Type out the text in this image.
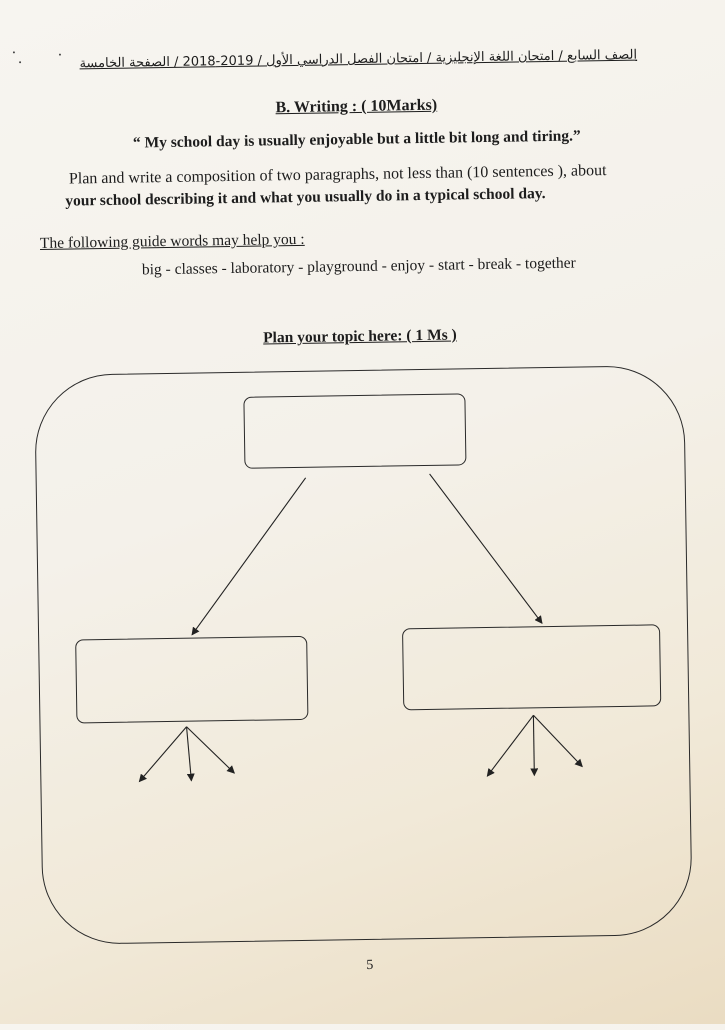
الصف السابع / امتحان اللغة الإنجليزية / امتحان الفصل الدراسي الأول / 2019-2018 / الصفحة الخامسة
B. Writing : ( 10Marks)
“ My school day is usually enjoyable but a little bit long and tiring.”
Plan and write a composition of two paragraphs, not less than (10 sentences ), about
your school describing it and what you usually do in a typical school day.
The following guide words may help you :
big - classes - laboratory - playground - enjoy - start - break - together
Plan your topic here: ( 1 Ms )
5
